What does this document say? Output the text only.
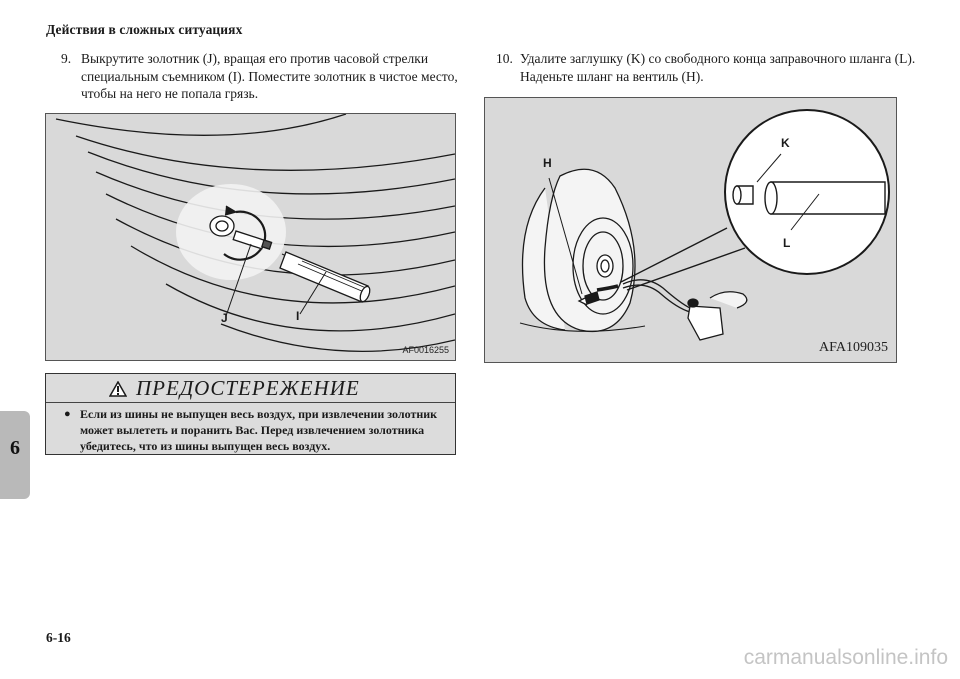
Действия в сложных ситуациях
9. Выкрутите золотник (J), вращая его против часовой стрелки специальным съемником (I). Поместите золотник в чистое место, чтобы на него не попала грязь.
10. Удалите заглушку (K) со свободного конца заправочного шланга (L). Наденьте шланг на вентиль (H).
J	I
AF0016255
H
K
L
AFA109035
ПРЕДОСТЕРЕЖЕНИЕ
● Если из шины не выпущен весь воздух, при извлечении золотник может вылететь и поранить Вас. Перед извлечением золотника убедитесь, что из шины выпущен весь воздух.
6
6-16
carmanualsonline.info
